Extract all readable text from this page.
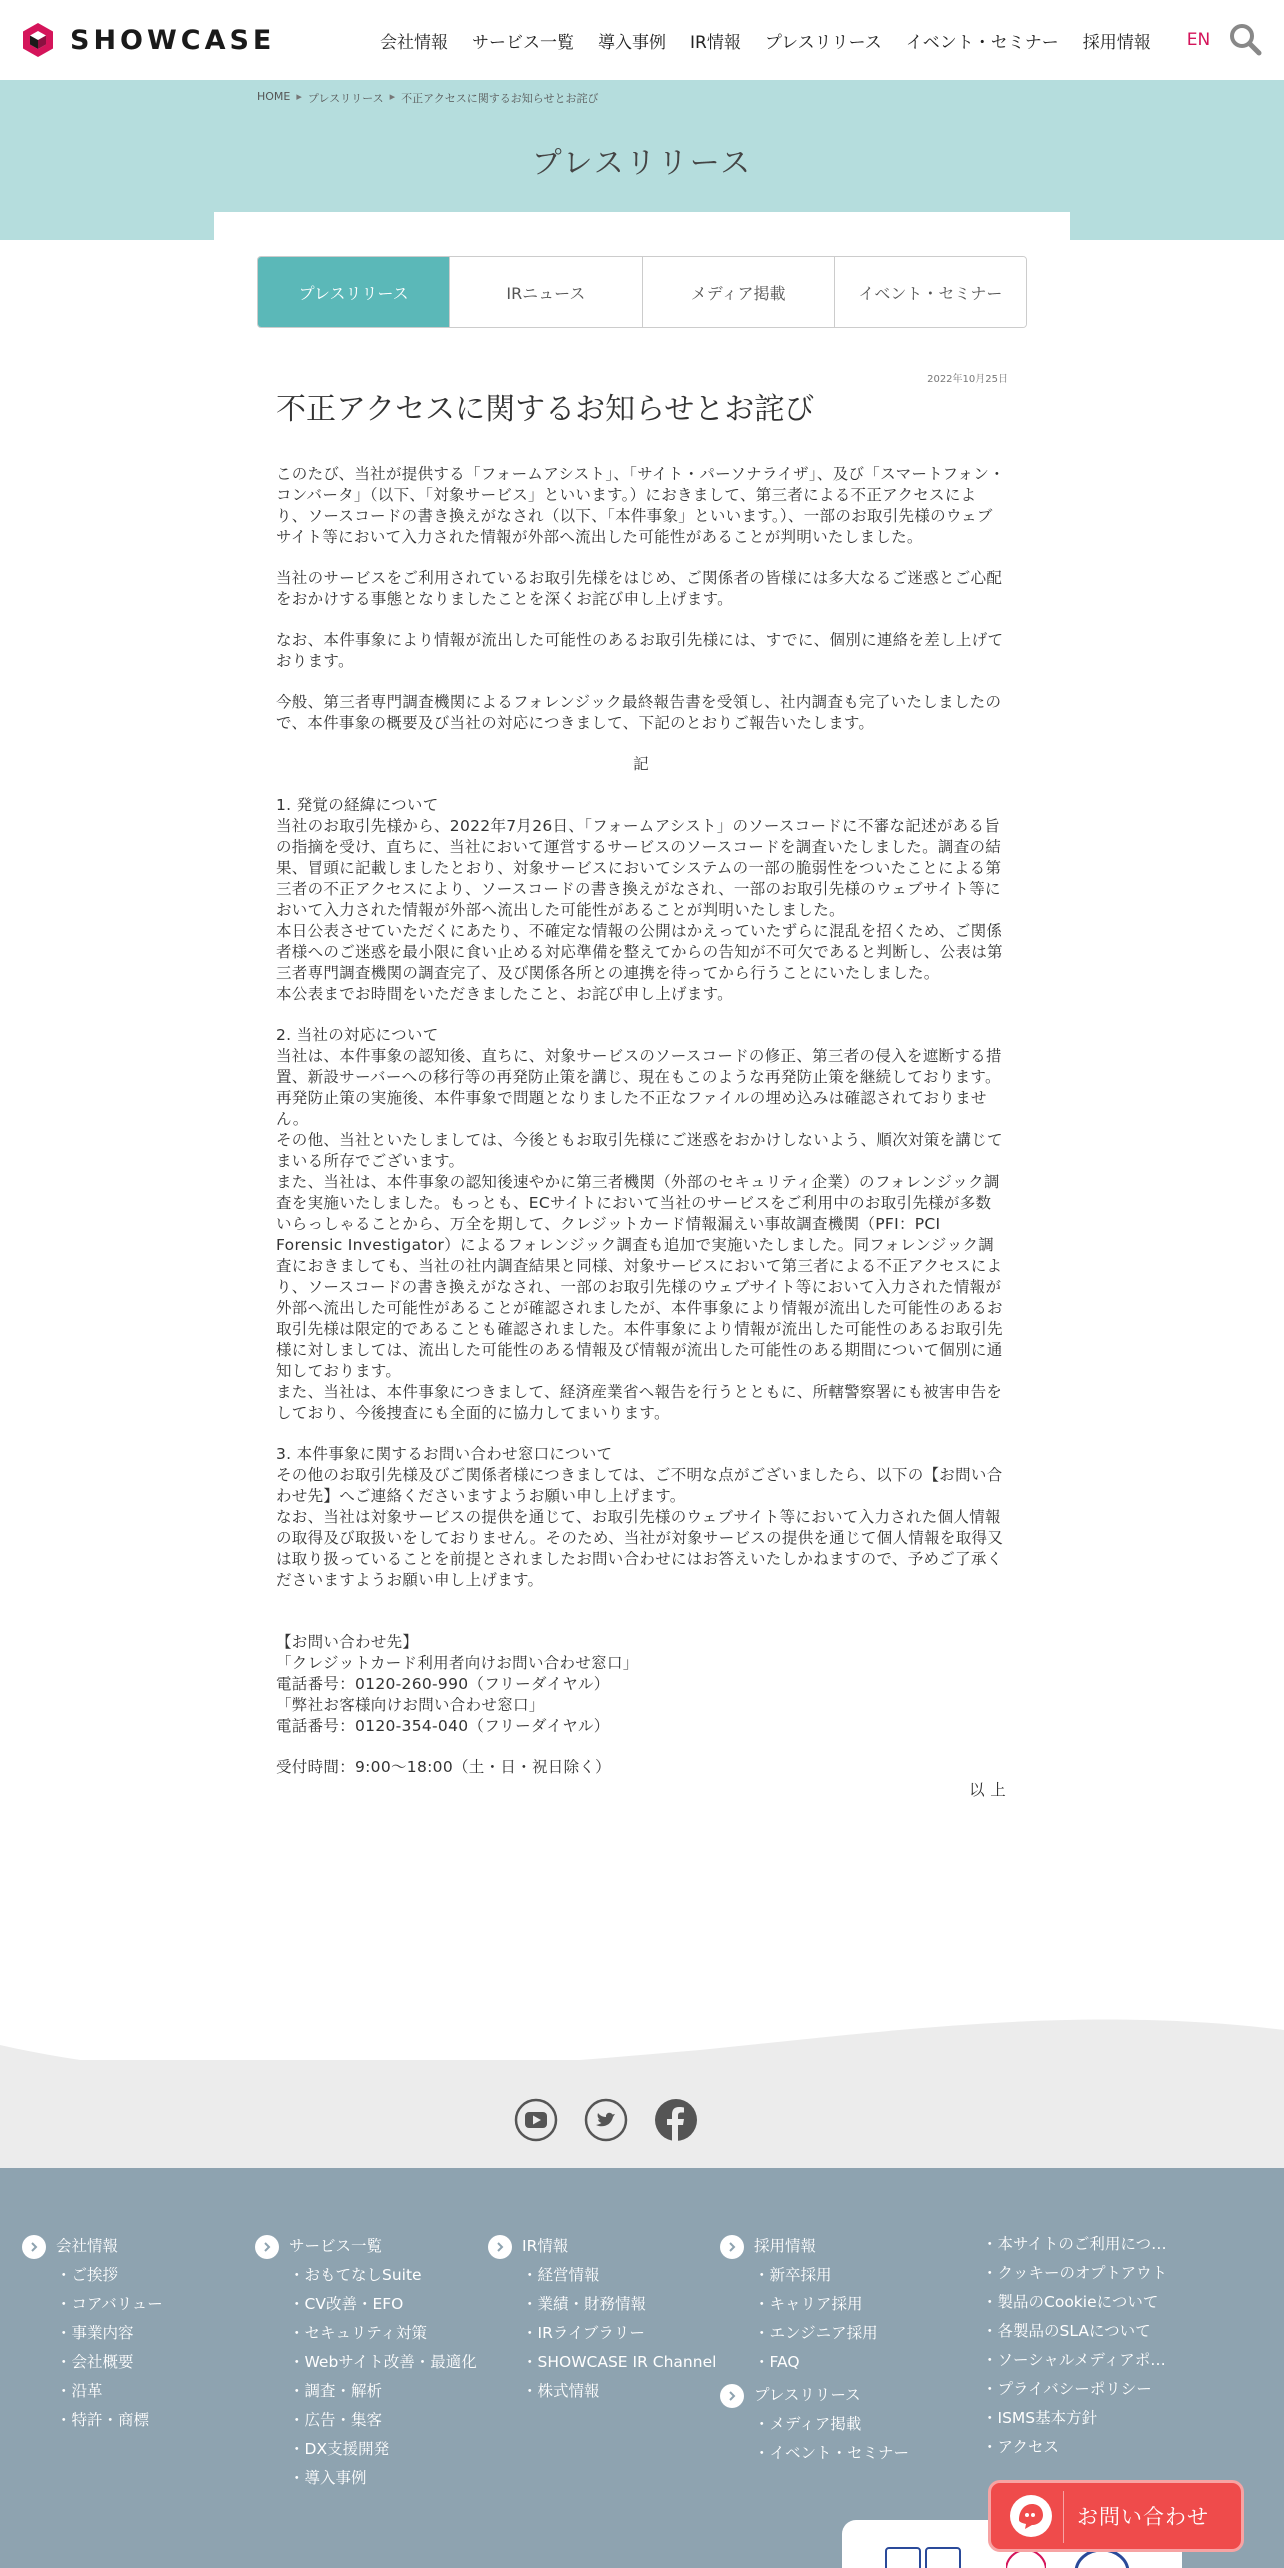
SHOWCASE	会社情報 サービス一覧 導入事例 IR情報 プレスリリース イベント・セミナー 採用情報 EN
HOME ▸ プレスリリース ▸ 不正アクセスに関するお知らせとお詫び
プレスリリース
プレスリリース	IRニュース	メディア掲載	イベント・セミナー
2022年10月25日
不正アクセスに関するお知らせとお詫び

このたび、当社が提供する「フォームアシスト」、「サイト・パーソナライザ」、及び「スマートフォン・コンバータ」（以下、「対象サービス」といいます。）におきまして、第三者による不正アクセスにより、ソースコードの書き換えがなされ（以下、「本件事象」といいます。）、一部のお取引先様のウェブサイト等において入力された情報が外部へ流出した可能性があることが判明いたしました。

当社のサービスをご利用されているお取引先様をはじめ、ご関係者の皆様には多大なるご迷惑とご心配をおかけする事態となりましたことを深くお詫び申し上げます。

なお、本件事象により情報が流出した可能性のあるお取引先様には、すでに、個別に連絡を差し上げております。

今般、第三者専門調査機関によるフォレンジック最終報告書を受領し、社内調査も完了いたしましたので、本件事象の概要及び当社の対応につきまして、下記のとおりご報告いたします。

記

1. 発覚の経緯について
当社のお取引先様から、2022年7月26日、「フォームアシスト」のソースコードに不審な記述がある旨の指摘を受け、直ちに、当社において運営するサービスのソースコードを調査いたしました。調査の結果、冒頭に記載しましたとおり、対象サービスにおいてシステムの一部の脆弱性をついたことによる第三者の不正アクセスにより、ソースコードの書き換えがなされ、一部のお取引先様のウェブサイト等において入力された情報が外部へ流出した可能性があることが判明いたしました。
本日公表させていただくにあたり、不確定な情報の公開はかえっていたずらに混乱を招くため、ご関係者様へのご迷惑を最小限に食い止める対応準備を整えてからの告知が不可欠であると判断し、公表は第三者専門調査機関の調査完了、及び関係各所との連携を待ってから行うことにいたしました。
本公表までお時間をいただきましたこと、お詫び申し上げます。

2. 当社の対応について
当社は、本件事象の認知後、直ちに、対象サービスのソースコードの修正、第三者の侵入を遮断する措置、新設サーバーへの移行等の再発防止策を講じ、現在もこのような再発防止策を継続しております。再発防止策の実施後、本件事象で問題となりました不正なファイルの埋め込みは確認されておりません。
その他、当社といたしましては、今後ともお取引先様にご迷惑をおかけしないよう、順次対策を講じてまいる所存でございます。
また、当社は、本件事象の認知後速やかに第三者機関（外部のセキュリティ企業）のフォレンジック調査を実施いたしました。もっとも、ECサイトにおいて当社のサービスをご利用中のお取引先様が多数いらっしゃることから、万全を期して、クレジットカード情報漏えい事故調査機関（PFI：PCI Forensic Investigator）によるフォレンジック調査も追加で実施いたしました。同フォレンジック調査におきましても、当社の社内調査結果と同様、対象サービスにおいて第三者による不正アクセスにより、ソースコードの書き換えがなされ、一部のお取引先様のウェブサイト等において入力された情報が外部へ流出した可能性があることが確認されましたが、本件事象により情報が流出した可能性のあるお取引先様は限定的であることも確認されました。本件事象により情報が流出した可能性のあるお取引先様に対しましては、流出した可能性のある情報及び情報が流出した可能性のある期間について個別に通知しております。
また、当社は、本件事象につきまして、経済産業省へ報告を行うとともに、所轄警察署にも被害申告をしており、今後捜査にも全面的に協力してまいります。

3. 本件事象に関するお問い合わせ窓口について
その他のお取引先様及びご関係者様につきましては、ご不明な点がございましたら、以下の【お問い合わせ先】へご連絡くださいますようお願い申し上げます。
なお、当社は対象サービスの提供を通じて、お取引先様のウェブサイト等において入力された個人情報の取得及び取扱いをしておりません。そのため、当社が対象サービスの提供を通じて個人情報を取得又は取り扱っていることを前提とされましたお問い合わせにはお答えいたしかねますので、予めご了承くださいますようお願い申し上げます。

【お問い合わせ先】
「クレジットカード利用者向けお問い合わせ窓口」
電話番号：0120-260-990（フリーダイヤル）
「弊社お客様向けお問い合わせ窓口」
電話番号：0120-354-040（フリーダイヤル）

受付時間：9:00～18:00（土・日・祝日除く）

以 上

会社情報
・ ご挨拶
・ コアバリュー
・ 事業内容
・ 会社概要
・ 沿革
・ 特許・商標
サービス一覧
・ おもてなしSuite
・ CV改善・EFO
・ セキュリティ対策
・ Webサイト改善・最適化
・ 調査・解析
・ 広告・集客
・ DX支援開発
・ 導入事例
IR情報
・ 経営情報
・ 業績・財務情報
・ IRライブラリー
・ SHOWCASE IR Channel
・ 株式情報
採用情報
・ 新卒採用
・ キャリア採用
・ エンジニア採用
・ FAQ
プレスリリース
・ メディア掲載
・ イベント・セミナー
・ 本サイトのご利用につ…
・ クッキーのオプトアウト
・ 製品のCookieについて
・ 各製品のSLAについて
・ ソーシャルメディアポ…
・ プライバシーポリシー
・ ISMS基本方針
・ アクセス
お問い合わせ
